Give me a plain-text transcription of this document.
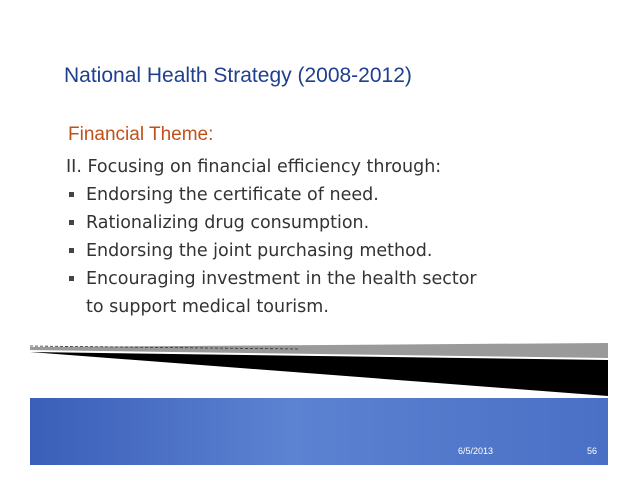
National Health Strategy (2008-2012)
Financial Theme:
II. Focusing on financial efficiency through:
Endorsing the certificate of need.
Rationalizing drug consumption.
Endorsing the joint purchasing method.
Encouraging investment in the health sector
to support medical tourism.
6/5/2013	56
